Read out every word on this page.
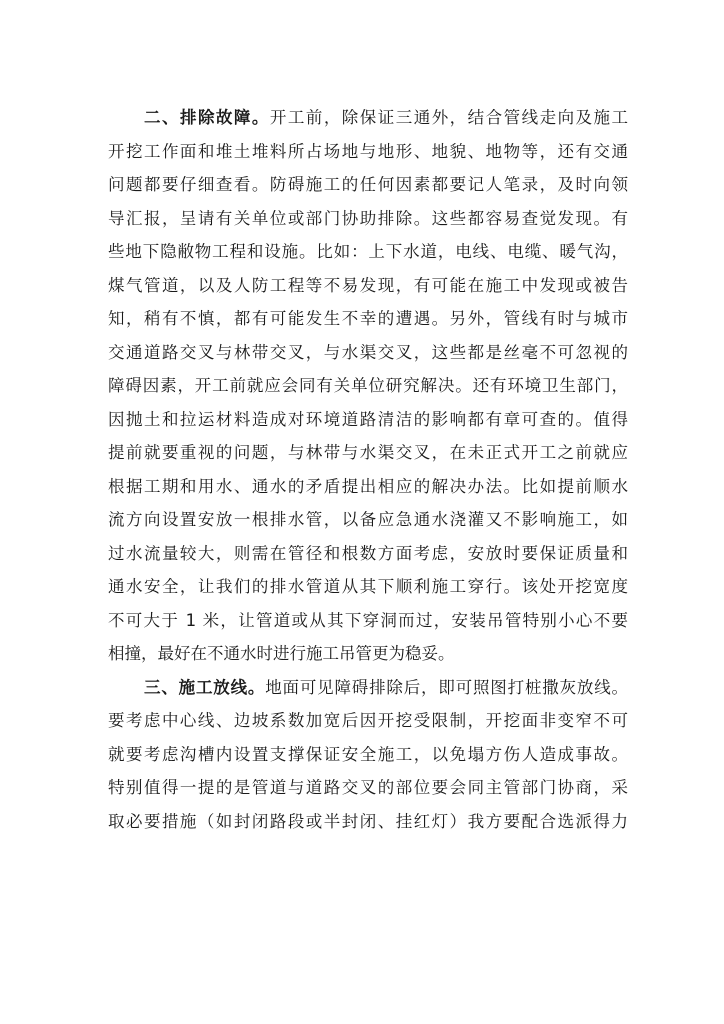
二、排除故障。开工前，除保证三通外，结合管线走向及施工
开挖工作面和堆土堆料所占场地与地形、地貌、地物等，还有交通
问题都要仔细查看。防碍施工的任何因素都要记人笔录，及时向领
导汇报，呈请有关单位或部门协助排除。这些都容易查觉发现。有
些地下隐敝物工程和设施。比如：上下水道，电线、电缆、暖气沟，
煤气管道，以及人防工程等不易发现，有可能在施工中发现或被告
知，稍有不慎，都有可能发生不幸的遭遇。另外，管线有时与城市
交通道路交叉与林带交叉，与水渠交叉，这些都是丝毫不可忽视的
障碍因素，开工前就应会同有关单位研究解决。还有环境卫生部门，
因抛土和拉运材料造成对环境道路清洁的影响都有章可查的。值得
提前就要重视的问题，与林带与水渠交叉，在未正式开工之前就应
根据工期和用水、通水的矛盾提出相应的解决办法。比如提前顺水
流方向设置安放一根排水管，以备应急通水浇灌又不影响施工，如
过水流量较大，则需在管径和根数方面考虑，安放时要保证质量和
通水安全，让我们的排水管道从其下顺利施工穿行。该处开挖宽度
不可大于 1 米，让管道或从其下穿洞而过，安装吊管特别小心不要
相撞，最好在不通水时进行施工吊管更为稳妥。
三、施工放线。地面可见障碍排除后，即可照图打桩撒灰放线。
要考虑中心线、边坡系数加宽后因开挖受限制，开挖面非变窄不可
就要考虑沟槽内设置支撑保证安全施工，以免塌方伤人造成事故。
特别值得一提的是管道与道路交叉的部位要会同主管部门协商，采
取必要措施（如封闭路段或半封闭、挂红灯）我方要配合选派得力
